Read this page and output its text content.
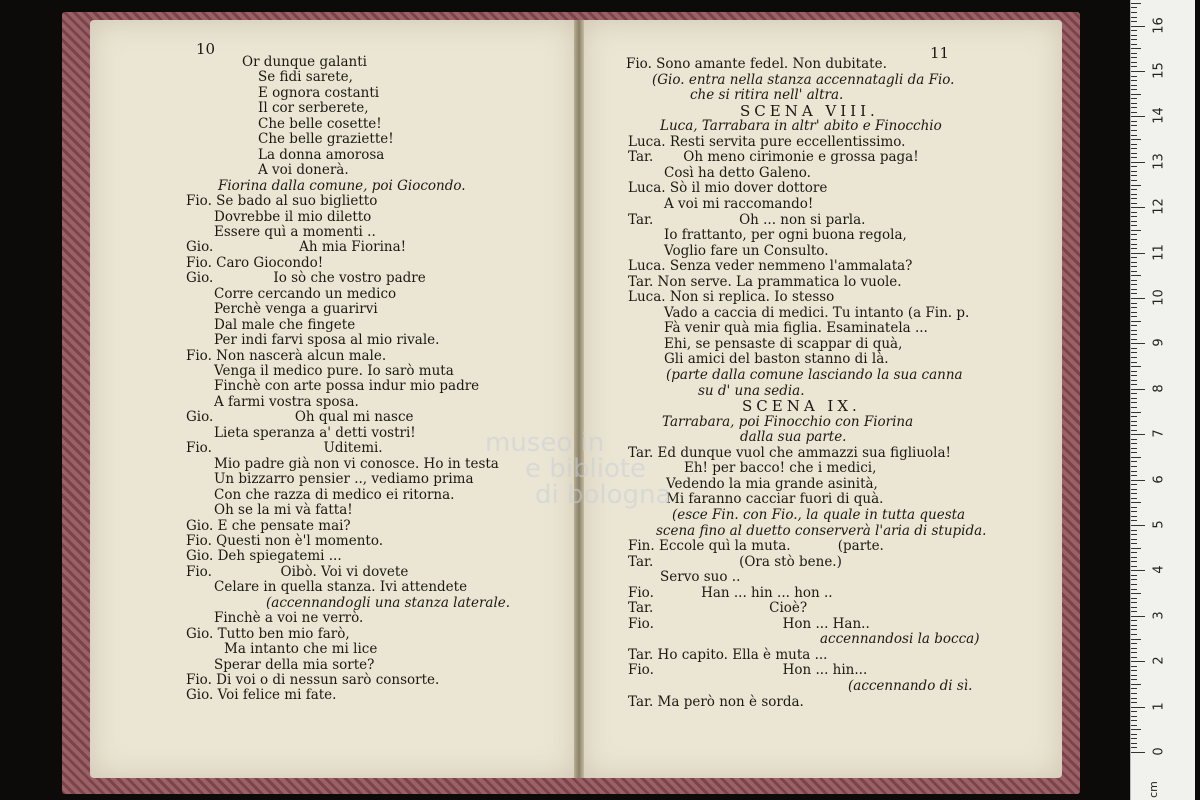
10	11
Or dunque galanti
Se fidi sarete,
E ognora costanti
Il cor serberete,
Che belle cosette!
Che belle graziette!
La donna amorosa
A voi donerà.
Fiorina dalla comune, poi Giocondo.
Fio. Se bado al suo biglietto
Dovrebbe il mio diletto
Essere quì a momenti ..
Gio.                    Ah mia Fiorina!
Fio. Caro Giocondo!
Gio.              Io sò che vostro padre
Corre cercando un medico
Perchè venga a guarirvi
Dal male che fingete
Per indi farvi sposa al mio rivale.
Fio. Non nascerà alcun male.
Venga il medico pure. Io sarò muta
Finchè con arte possa indur mio padre
A farmi vostra sposa.
Gio.                   Oh qual mi nasce
Lieta speranza a' detti vostri!
Fio.                          Uditemi.
Mio padre già non vi conosce. Ho in testa
Un bizzarro pensier .., vediamo prima
Con che razza di medico ei ritorna.
Oh se la mi và fatta!
Gio. E che pensate mai?
Fio. Questi non è'l momento.
Gio. Deh spiegatemi ...
Fio.                Oibò. Voi vi dovete
Celare in quella stanza. Ivi attendete
(accennandogli una stanza laterale.
Finchè a voi ne verrò.
Gio. Tutto ben mio farò,
Ma intanto che mi lice
Sperar della mia sorte?
Fio. Di voi o di nessun sarò consorte.
Gio. Voi felice mi fate.
Fio. Sono amante fedel. Non dubitate.
(Gio. entra nella stanza accennatagli da Fio.
che si ritira nell' altra.
SCENA VIII.
Luca, Tarrabara in altr' abito e Finocchio
Luca. Resti servita pure eccellentissimo.
Tar.       Oh meno cirimonie e grossa paga!
Così ha detto Galeno.
Luca. Sò il mio dover dottore
A voi mi raccomando!
Tar.                    Oh ... non si parla.
Io frattanto, per ogni buona regola,
Voglio fare un Consulto.
Luca. Senza veder nemmeno l'ammalata?
Tar. Non serve. La prammatica lo vuole.
Luca. Non si replica. Io stesso
Vado a caccia di medici. Tu intanto (a Fin. p.
Fà venir quà mia figlia. Esaminatela ...
Ehi, se pensaste di scappar di quà,
Gli amici del baston stanno di là.
(parte dalla comune lasciando la sua canna
su d' una sedia.
SCENA IX.
Tarrabara, poi Finocchio con Fiorina
dalla sua parte.
Tar. Ed dunque vuol che ammazzi sua figliuola!
Eh! per bacco! che i medici,
Vedendo la mia grande asinità,
Mi faranno cacciar fuori di quà.
(esce Fin. con Fio., la quale in tutta questa
scena fino al duetto conserverà l'aria di stupida.
Fin. Eccole quì la muta.           (parte.
Tar.                    (Ora stò bene.)
Servo suo ..
Fio.           Han ... hin ... hon ..
Tar.                           Cioè?
Fio.                              Hon ... Han..
accennandosi la bocca)
Tar. Ho capito. Ella è muta ...
Fio.                              Hon ... hin...
(accennando di sì.
Tar. Ma però non è sorda.
museo in
e bibliote
di bologna
cm
0
1
2
3
4
5
6
7
8
9
10
11
12
13
14
15
16
